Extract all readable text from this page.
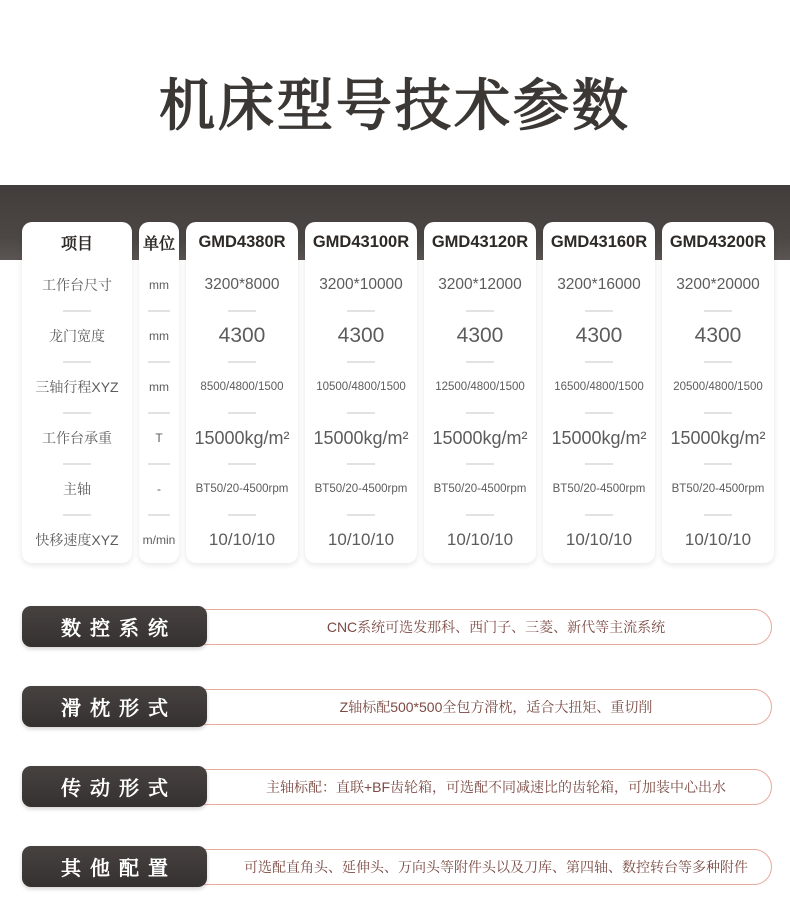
机床型号技术参数
项目
工作台尺寸
龙门宽度
三轴行程XYZ
工作台承重
主轴
快移速度XYZ
单位
mm
mm
mm
T
-
m/min
GMD4380R
3200*8000
4300
8500/4800/1500
15000kg/m²
BT50/20-4500rpm
10/10/10
GMD43100R
3200*10000
4300
10500/4800/1500
15000kg/m²
BT50/20-4500rpm
10/10/10
GMD43120R
3200*12000
4300
12500/4800/1500
15000kg/m²
BT50/20-4500rpm
10/10/10
GMD43160R
3200*16000
4300
16500/4800/1500
15000kg/m²
BT50/20-4500rpm
10/10/10
GMD43200R
3200*20000
4300
20500/4800/1500
15000kg/m²
BT50/20-4500rpm
10/10/10
CNC系统可选发那科、西门子、三菱、新代等主流系统
数控系统
Z轴标配500*500全包方滑枕，适合大扭矩、重切削
滑枕形式
主轴标配：直联+BF齿轮箱，可选配不同减速比的齿轮箱，可加装中心出水
传动形式
可选配直角头、延伸头、万向头等附件头以及刀库、第四轴、数控转台等多种附件
其他配置
